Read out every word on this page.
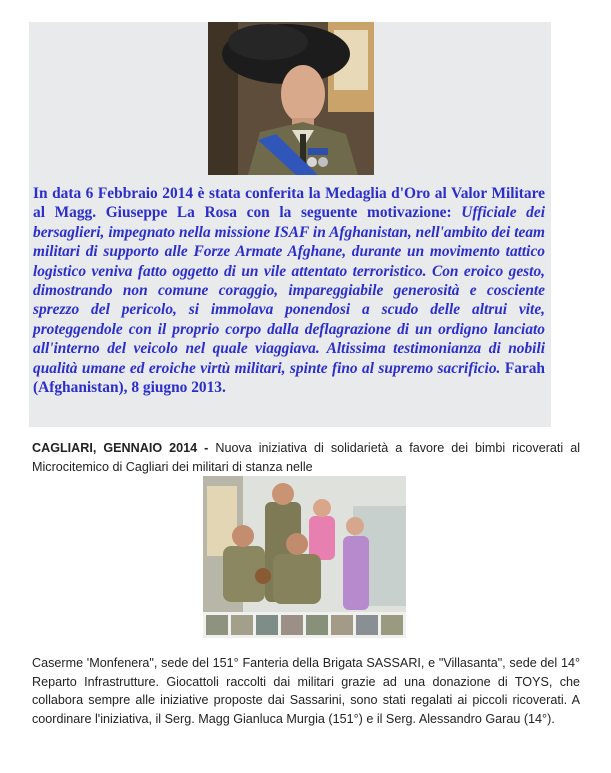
In data 6 Febbraio 2014 è stata conferita la Medaglia d'Oro al Valor Militare al Magg. Giuseppe La Rosa con la seguente motivazione: Ufficiale dei bersaglieri, impegnato nella missione ISAF in Afghanistan, nell'ambito dei team militari di supporto alle Forze Armate Afghane, durante un movimento tattico logistico veniva fatto oggetto di un vile attentato terroristico. Con eroico gesto, dimostrando non comune coraggio, impareggiabile generosità e cosciente sprezzo del pericolo, si immolava ponendosi a scudo delle altrui vite, proteggendole con il proprio corpo dalla deflagrazione di un ordigno lanciato all'interno del veicolo nel quale viaggiava. Altissima testimonianza di nobili qualità umane ed eroiche virtù militari, spinte fino al supremo sacrificio. Farah (Afghanistan), 8 giugno 2013.

CAGLIARI, GENNAIO 2014 - Nuova iniziativa di solidarietà a favore dei bimbi ricoverati al Microcitemico di Cagliari dei militari di stanza nelle

Caserme 'Monfenera", sede del 151° Fanteria della Brigata SASSARI, e "Villasanta", sede del 14° Reparto Infrastrutture. Giocattoli raccolti dai militari grazie ad una donazione di TOYS, che collabora sempre alle iniziative proposte dai Sassarini, sono stati regalati ai piccoli ricoverati. A coordinare l'iniziativa, il Serg. Magg Gianluca Murgia (151°) e il Serg. Alessandro Garau (14°).
